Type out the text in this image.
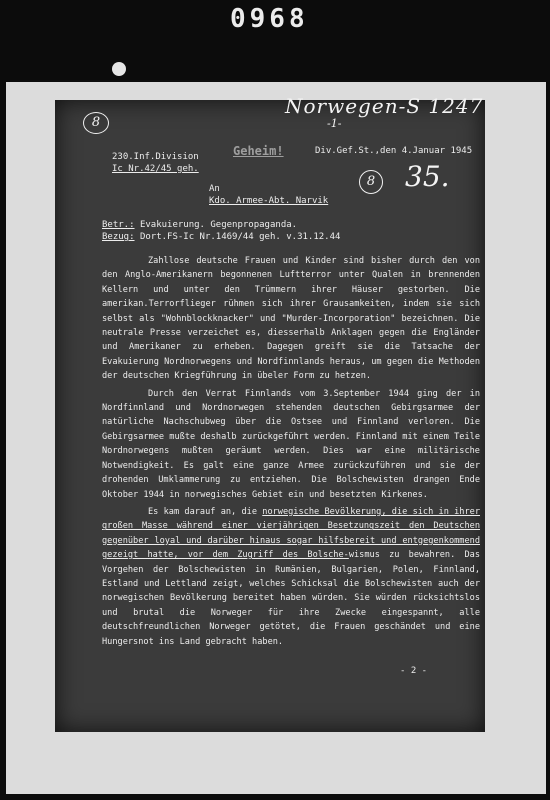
0968
8
Norwegen-S 1247
-1-
230.Inf.Division
Ic Nr.42/45 geh.
Geheim!	Div.Gef.St.,den 4.Januar 1945
8 35.
An
Kdo. Armee-Abt. Narvik
Betr.: Evakuierung. Gegenpropaganda.
Bezug: Dort.FS-Ic Nr.1469/44 geh. v.31.12.44

Zahllose deutsche Frauen und Kinder sind bisher durch den von den Anglo-Amerikanern begonnenen Luftterror unter Qualen in brennenden Kellern und unter den Trümmern ihrer Häuser gestorben. Die amerikan.Terrorflieger rühmen sich ihrer Grausamkeiten, indem sie sich selbst als "Wohnblockknacker" und "Murder-Incorporation" bezeichnen. Die neutrale Presse verzeichet es, diesserhalb Anklagen gegen die Engländer und Amerikaner zu erheben. Dagegen greift sie die Tatsache der Evakuierung Nordnorwegens und Nordfinnlands heraus, um gegen die Methoden der deutschen Kriegführung in übeler Form zu hetzen.

Durch den Verrat Finnlands vom 3.September 1944 ging der in Nordfinnland und Nordnorwegen stehenden deutschen Gebirgsarmee der natürliche Nachschubweg über die Ostsee und Finnland verloren. Die Gebirgsarmee mußte deshalb zurückgeführt werden. Finnland mit einem Teile Nordnorwegens mußten geräumt werden. Dies war eine militärische Notwendigkeit. Es galt eine ganze Armee zurückzuführen und sie der drohenden Umklammerung zu entziehen. Die Bolschewisten drangen Ende Oktober 1944 in norwegisches Gebiet ein und besetzten Kirkenes.

Es kam darauf an, die norwegische Bevölkerung, die sich in ihrer großen Masse während einer vierjährigen Besetzungszeit den Deutschen gegenüber loyal und darüber hinaus sogar hilfsbereit und entgegenkommend gezeigt hatte, vor dem Zugriff des Bolsche-wismus zu bewahren. Das Vorgehen der Bolschewisten in Rumänien, Bulgarien, Polen, Finnland, Estland und Lettland zeigt, welches Schicksal die Bolschewisten auch der norwegischen Bevölkerung bereitet haben würden. Sie würden rücksichtslos und brutal die Norweger für ihre Zwecke eingespannt, alle deutschfreundlichen Norweger getötet, die Frauen geschändet und eine Hungersnot ins Land gebracht haben.

- 2 -
